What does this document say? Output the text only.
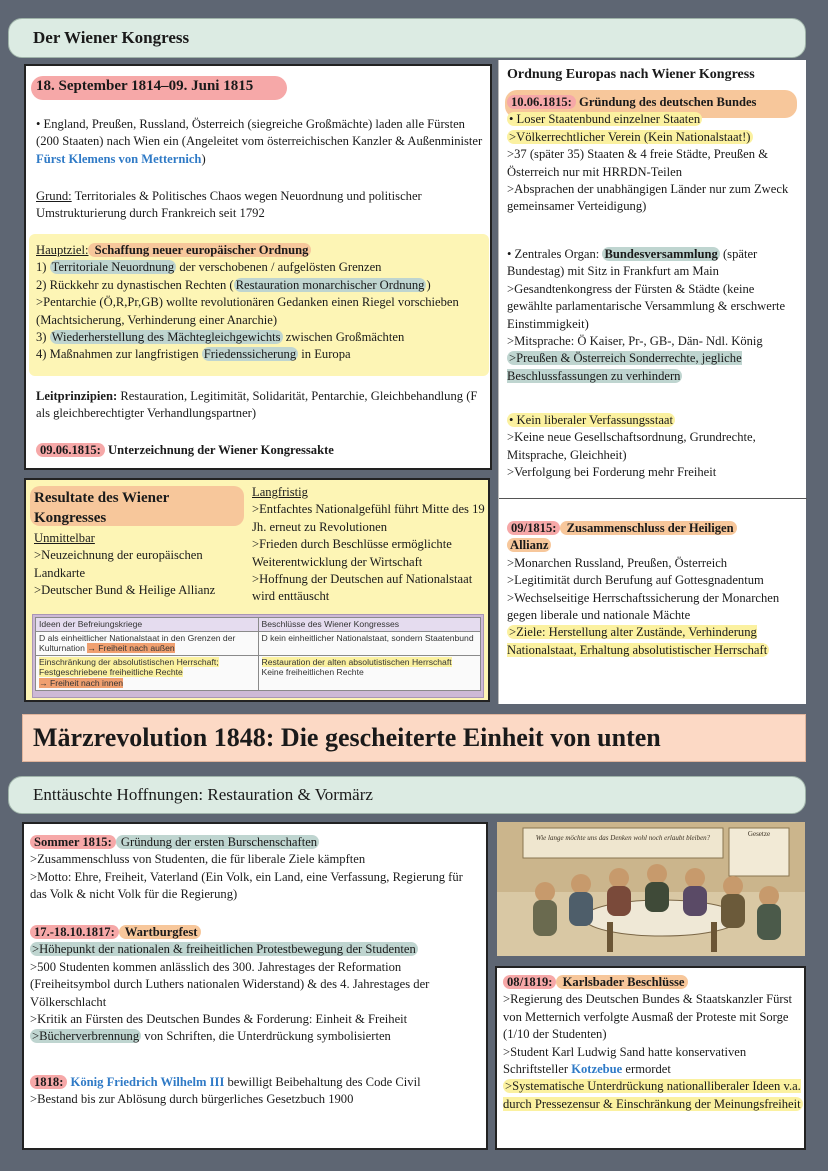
Der Wiener Kongress
18. September 1814–09. Juni 1815
• England, Preußen, Russland, Österreich (siegreiche Großmächte) laden alle Fürsten (200 Staaten) nach Wien ein (Angeleitet vom österreichischen Kanzler & Außenminister Fürst Klemens von Metternich)
Grund: Territoriales & Politisches Chaos wegen Neuordnung und politischer Umstrukturierung durch Frankreich seit 1792

Hauptziel: Schaffung neuer europäischer Ordnung

1) Territoriale Neuordnung der verschobenen / aufgelösten Grenzen

2) Rückkehr zu dynastischen Rechten ( Restauration monarchischer Ordnung )

>Pentarchie (Ö,R,Pr,GB) wollte revolutionären Gedanken einen Riegel vorschieben (Machtsicherung, Verhinderung einer Anarchie)

3) Wiederherstellung des Mächtegleichgewichts zwischen Großmächten

4) Maßnahmen zur langfristigen Friedenssicherung in Europa

Leitprinzipien: Restauration, Legitimität, Solidarität, Pentarchie, Gleichbehandlung (F als gleichberechtigter Verhandlungspartner)
09.06.1815: Unterzeichnung der Wiener Kongressakte
Ordnung Europas nach Wiener Kongress

10.06.1815: Gründung des deutschen Bundes

• Loser Staatenbund einzelner Staaten

>Völkerrechtlicher Verein (Kein Nationalstaat!)

>37 (später 35) Staaten & 4 freie Städte, Preußen & Österreich nur mit HRRDN-Teilen

>Absprachen der unabhängigen Länder nur zum Zweck gemeinsamer Verteidigung)

• Zentrales Organ: Bundesversammlung (später Bundestag) mit Sitz in Frankfurt am Main

>Gesandtenkongress der Fürsten & Städte (keine gewählte parlamentarische Versammlung & erschwerte Einstimmigkeit)

>Mitsprache: Ö Kaiser, Pr-, GB-, Dän- Ndl. König

>Preußen & Österreich Sonderrechte, jegliche Beschlussfassungen zu verhindern

• Kein liberaler Verfassungsstaat

>Keine neue Gesellschaftsordnung, Grundrechte, Mitsprache, Gleichheit)

>Verfolgung bei Forderung mehr Freiheit

09/1815: Zusammenschluss der Heiligen

Allianz

>Monarchen Russland, Preußen, Österreich

>Legitimität durch Berufung auf Gottesgnadentum

>Wechselseitige Herrschaftssicherung der Monarchen gegen liberale und nationale Mächte

>Ziele: Herstellung alter Zustände, Verhinderung Nationalstaat, Erhaltung absolutistischer Herrschaft

Resultate des Wiener Kongresses

Unmittelbar

>Neuzeichnung der europäischen Landkarte

>Deutscher Bund & Heilige Allianz

Langfristig

>Entfachtes Nationalgefühl führt Mitte des 19 Jh. erneut zu Revolutionen

>Frieden durch Beschlüsse ermöglichte Weiterentwicklung der Wirtschaft

>Hoffnung der Deutschen auf Nationalstaat wird enttäuscht

Ideen der Befreiungskriege	Beschlüsse des Wiener Kongresses
D als einheitlicher Nationalstaat in den Grenzen der Kulturnation → Freiheit nach außen	D kein einheitlicher Nationalstaat, sondern Staatenbund
Einschränkung der absolutistischen Herrschaft; Festgeschriebene freiheitliche Rechte
→ Freiheit nach innen	Restauration der alten absolutistischen Herrschaft
Keine freiheitlichen Rechte
Märzrevolution 1848: Die gescheiterte Einheit von unten
Enttäuschte Hoffnungen: Restauration & Vormärz

Sommer 1815: Gründung der ersten Burschenschaften

>Zusammenschluss von Studenten, die für liberale Ziele kämpften

>Motto: Ehre, Freiheit, Vaterland (Ein Volk, ein Land, eine Verfassung, Regierung für das Volk & nicht Volk für die Regierung)

17.-18.10.1817: Wartburgfest

>Höhepunkt der nationalen & freiheitlichen Protestbewegung der Studenten

>500 Studenten kommen anlässlich des 300. Jahrestages der Reformation (Freiheitsymbol durch Luthers nationalen Widerstand) & des 4. Jahrestages der Völkerschlacht

>Kritik an Fürsten des Deutschen Bundes & Forderung: Einheit & Freiheit

>Bücherverbrennung von Schriften, die Unterdrückung symbolisierten

1818: König Friedrich Wilhelm III bewilligt Beibehaltung des Code Civil

>Bestand bis zur Ablösung durch bürgerliches Gesetzbuch 1900

Wie lange möchte uns das Denken wohl noch erlaubt bleiben?	Gesetze

08/1819: Karlsbader Beschlüsse

>Regierung des Deutschen Bundes & Staatskanzler Fürst von Metternich verfolgte Ausmaß der Proteste mit Sorge (1/10 der Studenten)

>Student Karl Ludwig Sand hatte konservativen Schriftsteller Kotzebue ermordet

>Systematische Unterdrückung nationalliberaler Ideen v.a. durch Pressezensur & Einschränkung der Meinungsfreiheit
